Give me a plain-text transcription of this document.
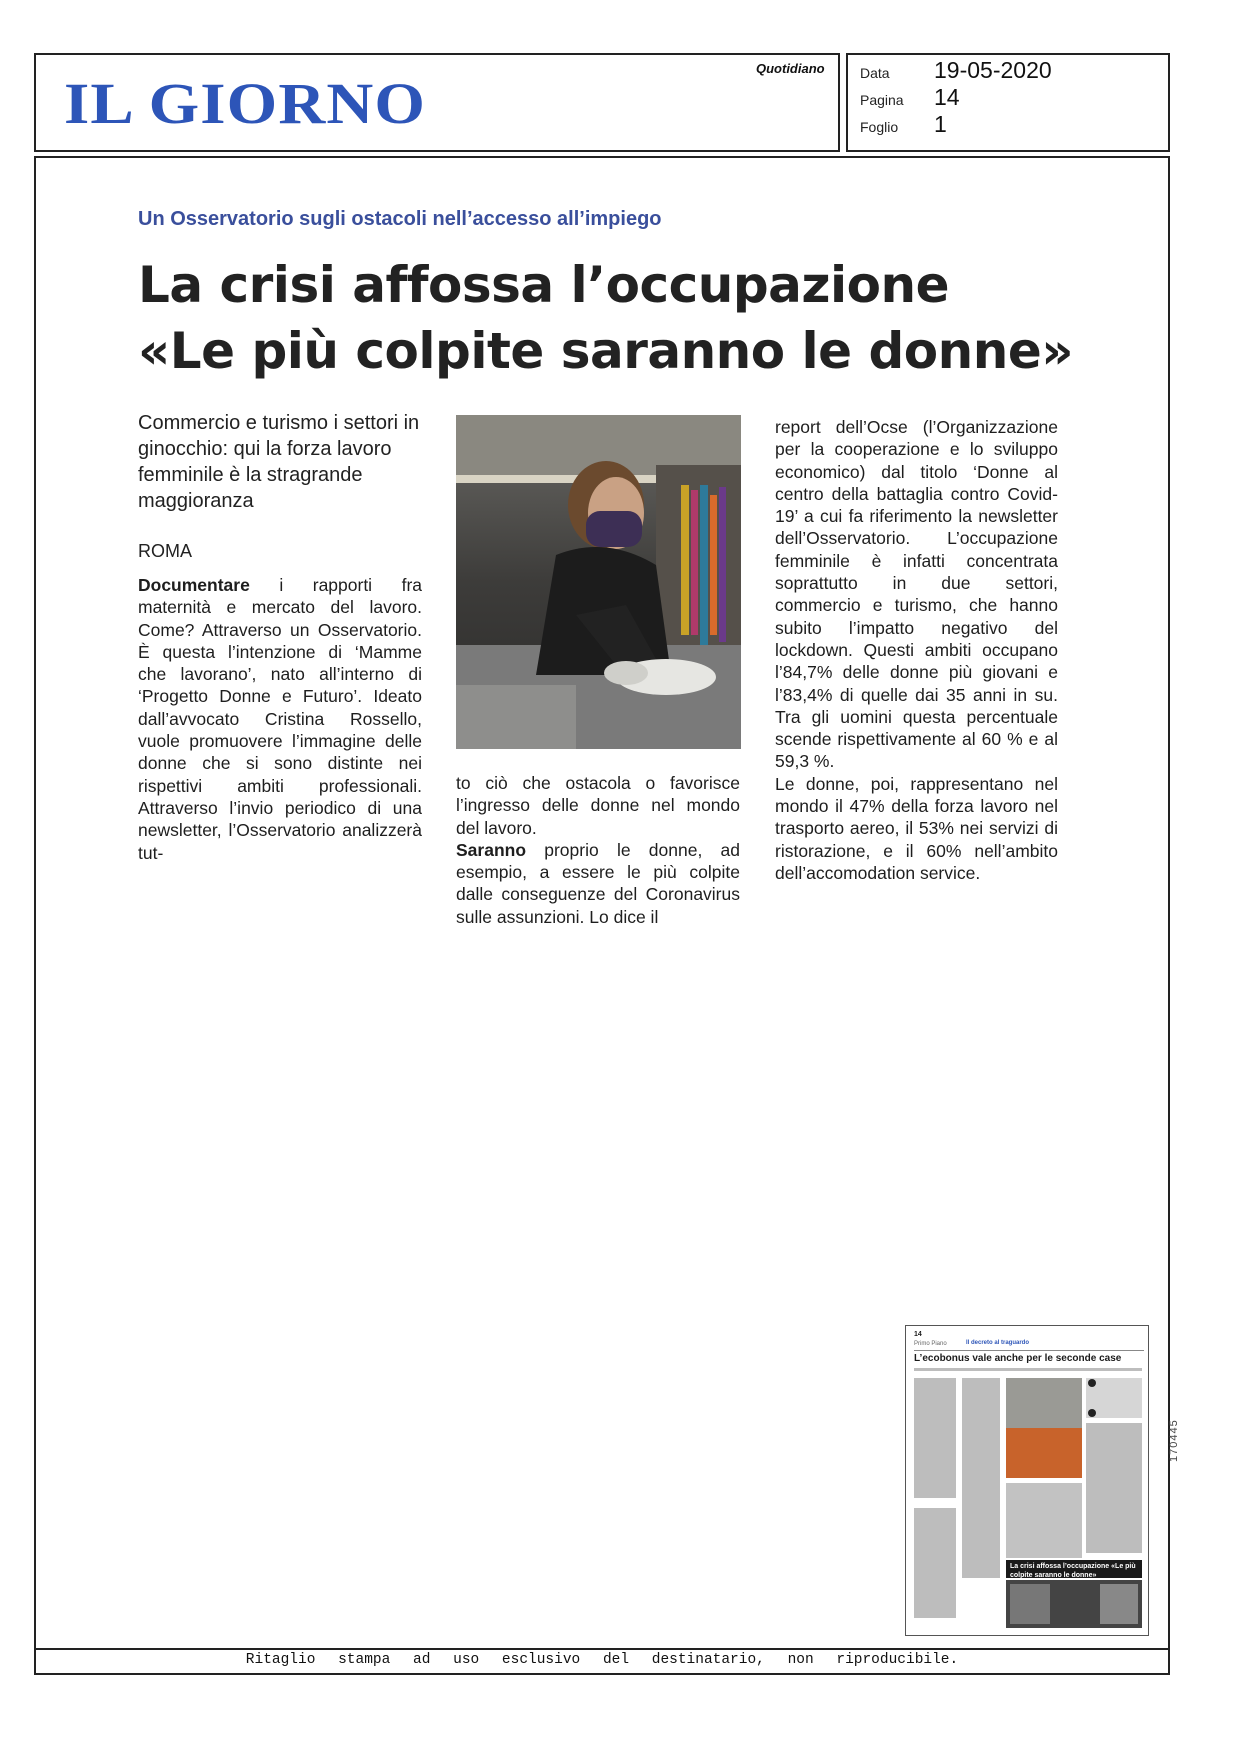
IL GIORNO
Quotidiano	Data 19-05-2020
Pagina 14
Foglio 1
Un Osservatorio sugli ostacoli nell’accesso all’impiego
La crisi affossa l’occupazione
«Le più colpite saranno le donne»
Commercio e turismo i settori in ginocchio: qui la forza lavoro femminile è la stragrande maggioranza
ROMA
Documentare i rapporti fra maternità e mercato del lavoro. Come? Attraverso un Osservatorio. È questa l’intenzione di ‘Mamme che lavorano’, nato all’interno di ‘Progetto Donne e Futuro’. Ideato dall’avvocato Cristina Rossello, vuole promuovere l’immagine delle donne che si sono distinte nei rispettivi ambiti professionali. Attraverso l’invio periodico di una newsletter, l’Osservatorio analizzerà tut-
to ciò che ostacola o favorisce l’ingresso delle donne nel mondo del lavoro.
Saranno proprio le donne, ad esempio, a essere le più colpite dalle conseguenze del Coronavirus sulle assunzioni. Lo dice il
report dell’Ocse (l’Organizzazione per la cooperazione e lo sviluppo economico) dal titolo ‘Donne al centro della battaglia contro Covid-19’ a cui fa riferimento la newsletter dell’Osservatorio. L’occupazione femminile è infatti concentrata soprattutto in due settori, commercio e turismo, che hanno subito l’impatto negativo del lockdown. Questi ambiti occupano l’84,7% delle donne più giovani e l’83,4% di quelle dai 35 anni in su. Tra gli uomini questa percentuale scende rispettivamente al 60 % e al 59,3 %.
Le donne, poi, rappresentano nel mondo il 47% della forza lavoro nel trasporto aereo, il 53% nei servizi di ristorazione, e il 60% nell’ambito dell’accomodation service.
14
Primo Piano	Il decreto al traguardo
L’ecobonus vale anche per le seconde case
La crisi affossa l’occupazione «Le più colpite saranno le donne»
170445
Ritaglio stampa ad uso esclusivo del destinatario, non riproducibile.
